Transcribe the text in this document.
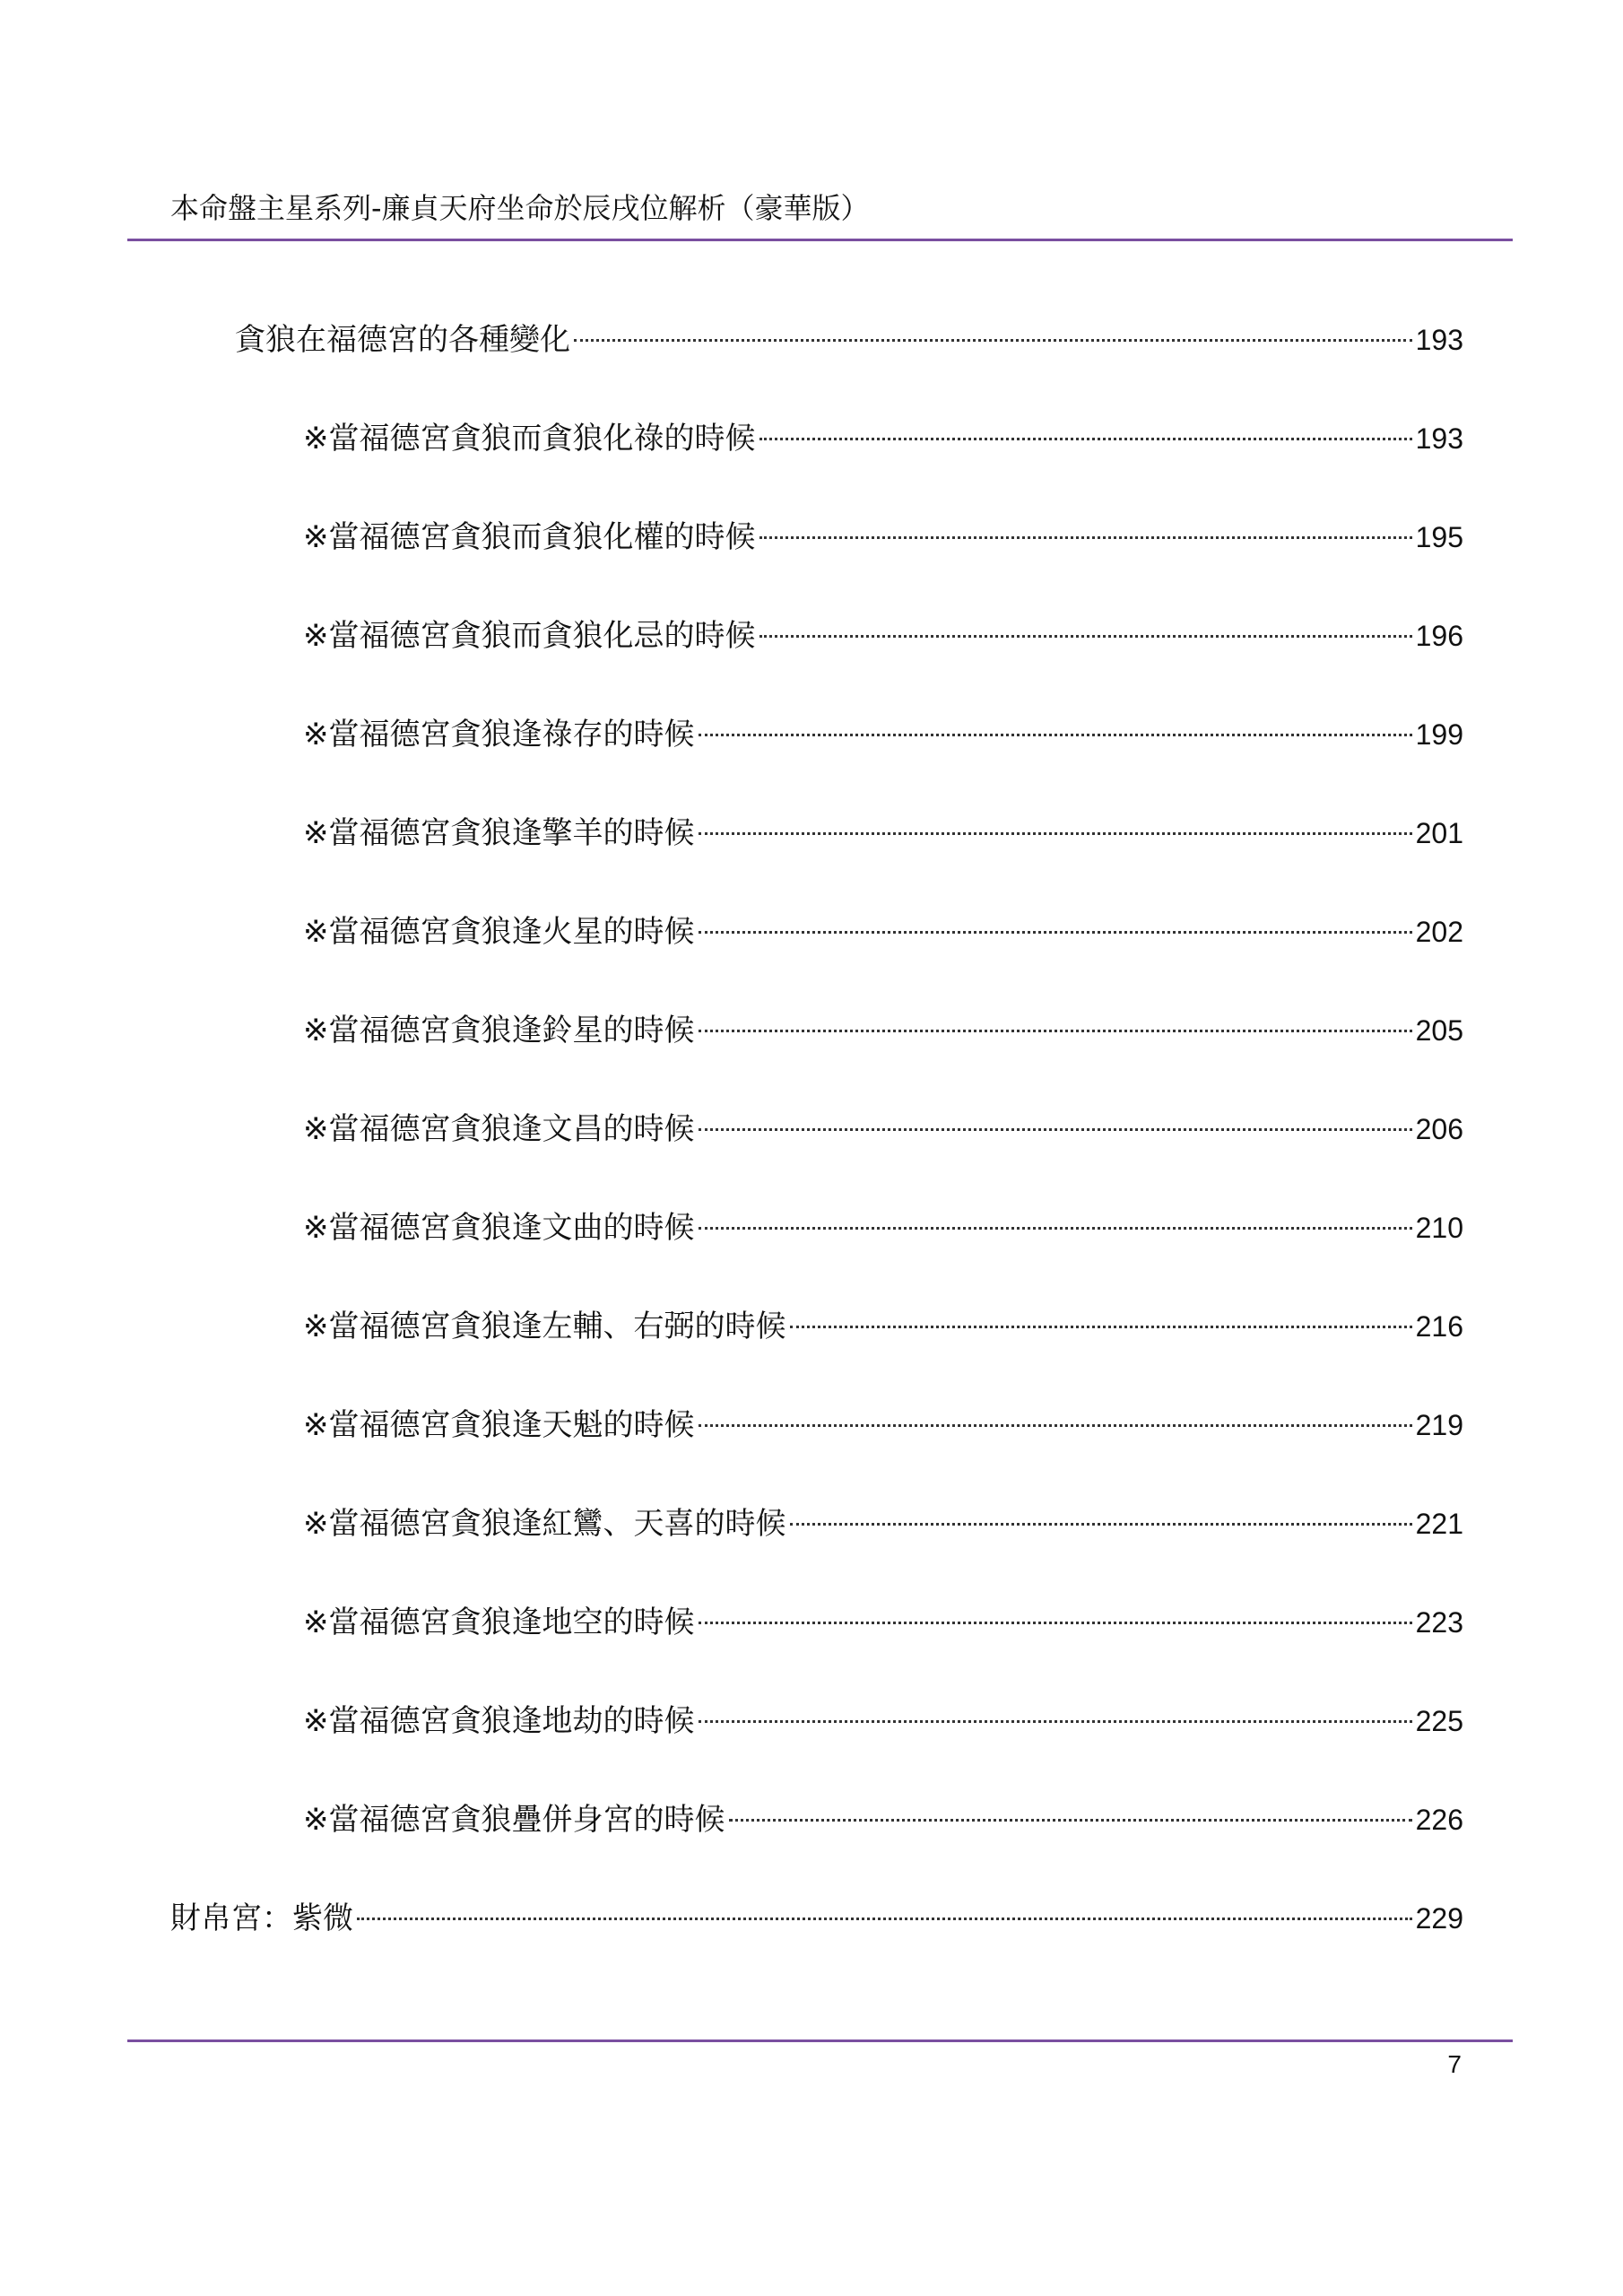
本命盤主星系列-廉貞天府坐命於辰戌位解析（豪華版）
貪狼在福德宮的各種變化	193
※當福德宮貪狼而貪狼化祿的時候	193
※當福德宮貪狼而貪狼化權的時候	195
※當福德宮貪狼而貪狼化忌的時候	196
※當福德宮貪狼逢祿存的時候	199
※當福德宮貪狼逢擎羊的時候	201
※當福德宮貪狼逢火星的時候	202
※當福德宮貪狼逢鈴星的時候	205
※當福德宮貪狼逢文昌的時候	206
※當福德宮貪狼逢文曲的時候	210
※當福德宮貪狼逢左輔、右弼的時候	216
※當福德宮貪狼逢天魁的時候	219
※當福德宮貪狼逢紅鸞、天喜的時候	221
※當福德宮貪狼逢地空的時候	223
※當福德宮貪狼逢地劫的時候	225
※當福德宮貪狼疊併身宮的時候	226
財帛宮：紫微	229
7
